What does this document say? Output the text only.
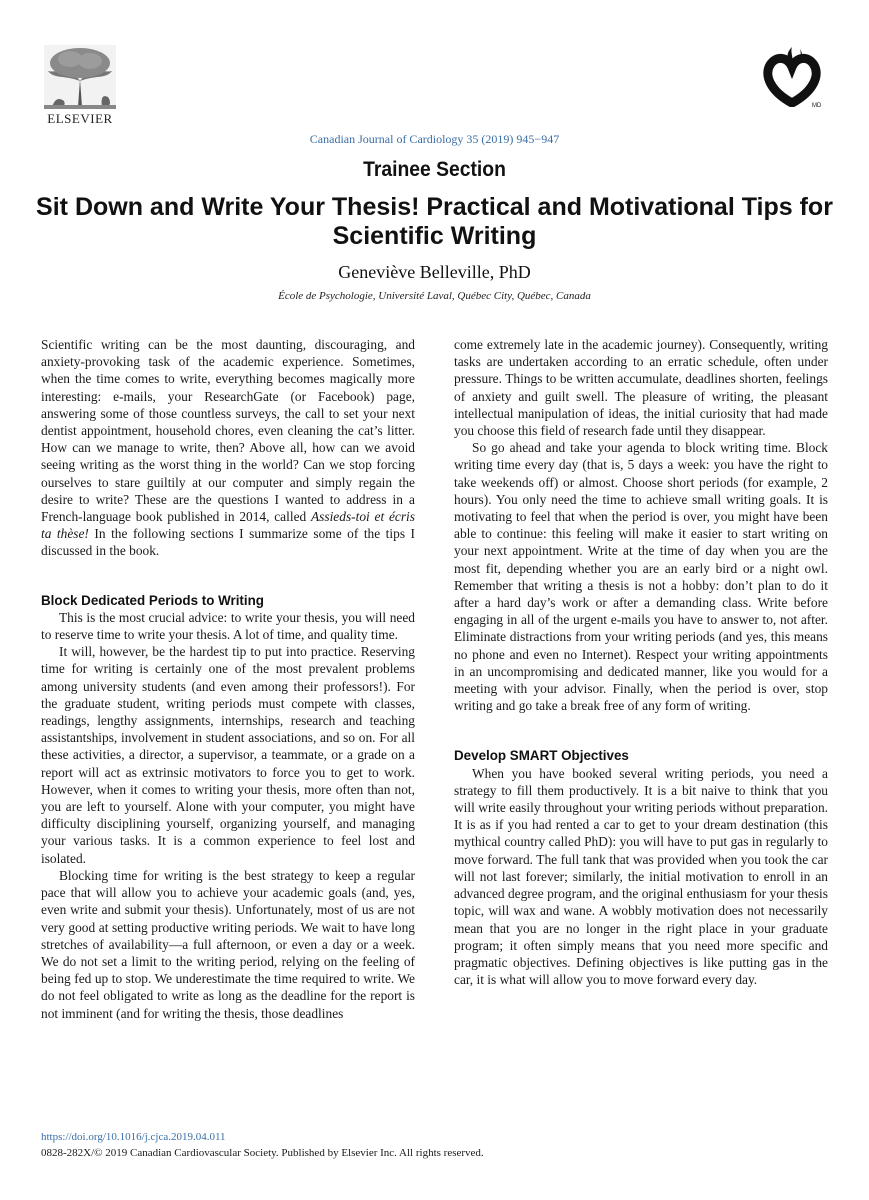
ELSEVIER
MD
Canadian Journal of Cardiology 35 (2019) 945−947
Trainee Section
Sit Down and Write Your Thesis! Practical and Motivational Tips for Scientific Writing
Geneviève Belleville, PhD
École de Psychologie, Université Laval, Québec City, Québec, Canada

Scientific writing can be the most daunting, discouraging, and anxiety-provoking task of the academic experience. Sometimes, when the time comes to write, everything becomes magically more interesting: e-mails, your ResearchGate (or Facebook) page, answering some of those countless surveys, the call to set your next dentist appointment, household chores, even cleaning the cat’s litter. How can we manage to write, then? Above all, how can we avoid seeing writing as the worst thing in the world? Can we stop forcing ourselves to stare guiltily at our computer and simply regain the desire to write? These are the questions I wanted to address in a French-language book published in 2014, called Assieds-toi et écris ta thèse! In the following sections I summarize some of the tips I discussed in the book.

Block Dedicated Periods to Writing

This is the most crucial advice: to write your thesis, you will need to reserve time to write your thesis. A lot of time, and quality time.

It will, however, be the hardest tip to put into practice. Reserving time for writing is certainly one of the most prevalent problems among university students (and even among their professors!). For the graduate student, writing periods must compete with classes, readings, lengthy assignments, internships, research and teaching assistantships, involvement in student associations, and so on. For all these activities, a director, a supervisor, a teammate, or a grade on a report will act as extrinsic motivators to force you to get to work. However, when it comes to writing your thesis, more often than not, you are left to yourself. Alone with your computer, you might have difficulty disciplining yourself, organizing yourself, and managing your various tasks. It is a common experience to feel lost and isolated.

Blocking time for writing is the best strategy to keep a regular pace that will allow you to achieve your academic goals (and, yes, even write and submit your thesis). Unfortunately, most of us are not very good at setting productive writing periods. We wait to have long stretches of availability—a full afternoon, or even a day or a week. We do not set a limit to the writing period, relying on the feeling of being fed up to stop. We underestimate the time required to write. We do not feel obligated to write as long as the deadline for the report is not imminent (and for writing the thesis, those deadlines

come extremely late in the academic journey). Consequently, writing tasks are undertaken according to an erratic schedule, often under pressure. Things to be written accumulate, deadlines shorten, feelings of anxiety and guilt swell. The pleasure of writing, the pleasant intellectual manipulation of ideas, the initial curiosity that had made you choose this field of research fade until they disappear.

So go ahead and take your agenda to block writing time. Block writing time every day (that is, 5 days a week: you have the right to take weekends off) or almost. Choose short periods (for example, 2 hours). You only need the time to achieve small writing goals. It is motivating to feel that when the period is over, you might have been able to continue: this feeling will make it easier to start writing on your next appointment. Write at the time of day when you are the most fit, depending whether you are an early bird or a night owl. Remember that writing a thesis is not a hobby: don’t plan to do it after a hard day’s work or after a demanding class. Write before engaging in all of the urgent e-mails you have to answer to, not after. Eliminate distractions from your writing periods (and yes, this means no phone and even no Internet). Respect your writing appointments in an uncompromising and dedicated manner, like you would for a meeting with your advisor. Finally, when the period is over, stop writing and go take a break free of any form of writing.

Develop SMART Objectives

When you have booked several writing periods, you need a strategy to fill them productively. It is a bit naive to think that you will write easily throughout your writing periods without preparation. It is as if you had rented a car to get to your dream destination (this mythical country called PhD): you will have to put gas in regularly to move forward. The full tank that was provided when you took the car will not last forever; similarly, the initial motivation to enroll in an advanced degree program, and the original enthusiasm for your thesis topic, will wax and wane. A wobbly motivation does not necessarily mean that you are no longer in the right place in your graduate program; it often simply means that you need more specific and pragmatic objectives. Defining objectives is like putting gas in the car, it is what will allow you to move forward every day.

https://doi.org/10.1016/j.cjca.2019.04.011
0828-282X/© 2019 Canadian Cardiovascular Society. Published by Elsevier Inc. All rights reserved.
